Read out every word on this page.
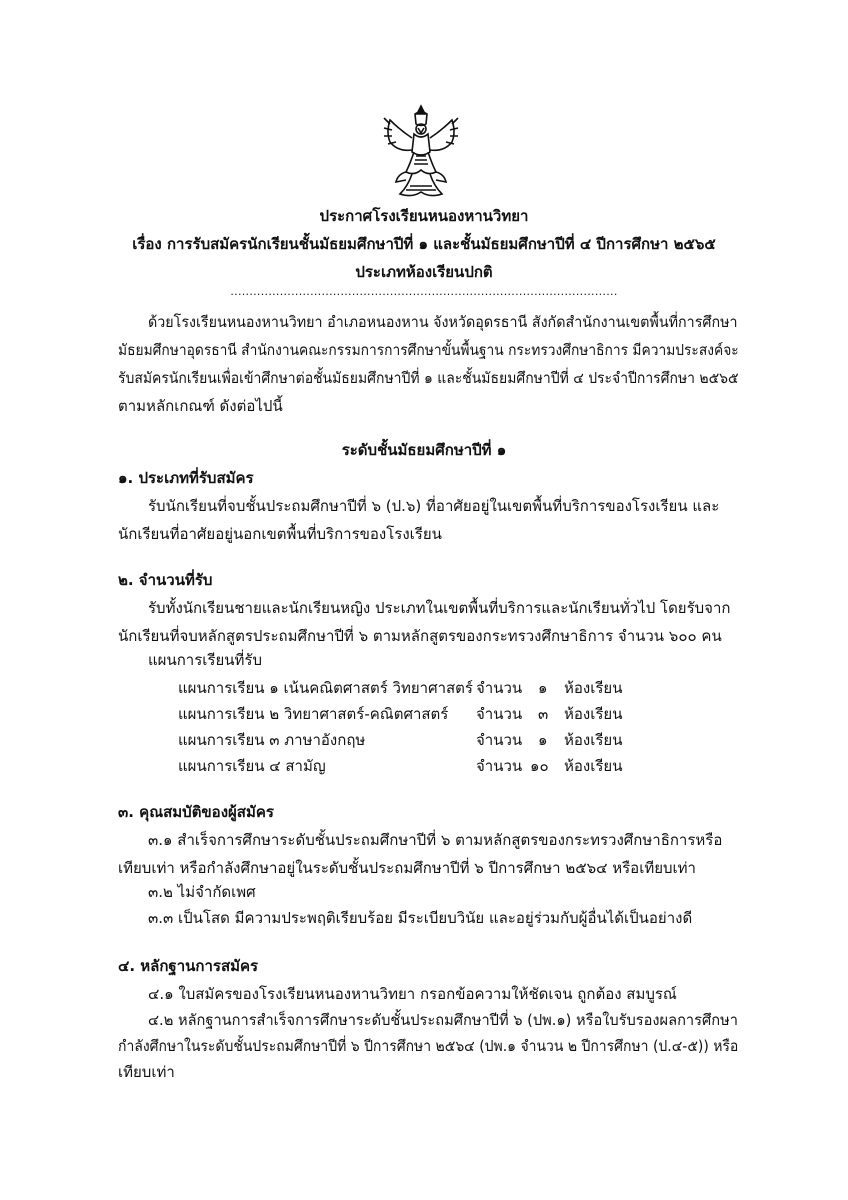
ประกาศโรงเรียนหนองหานวิทยา
เรื่อง การรับสมัครนักเรียนชั้นมัธยมศึกษาปีที่ ๑ และชั้นมัธยมศึกษาปีที่ ๔ ปีการศึกษา ๒๕๖๕
ประเภทห้องเรียนปกติ
......................................................................................................
ด้วยโรงเรียนหนองหานวิทยา อำเภอหนองหาน จังหวัดอุดรธานี สังกัดสำนักงานเขตพื้นที่การศึกษา
มัธยมศึกษาอุดรธานี สำนักงานคณะกรรมการการศึกษาขั้นพื้นฐาน กระทรวงศึกษาธิการ มีความประสงค์จะ
รับสมัครนักเรียนเพื่อเข้าศึกษาต่อชั้นมัธยมศึกษาปีที่ ๑ และชั้นมัธยมศึกษาปีที่ ๔ ประจำปีการศึกษา ๒๕๖๕
ตามหลักเกณฑ์ ดังต่อไปนี้
ระดับชั้นมัธยมศึกษาปีที่ ๑
๑. ประเภทที่รับสมัคร
รับนักเรียนที่จบชั้นประถมศึกษาปีที่ ๖ (ป.๖) ที่อาศัยอยู่ในเขตพื้นที่บริการของโรงเรียน และ
นักเรียนที่อาศัยอยู่นอกเขตพื้นที่บริการของโรงเรียน
๒. จำนวนที่รับ
รับทั้งนักเรียนชายและนักเรียนหญิง ประเภทในเขตพื้นที่บริการและนักเรียนทั่วไป โดยรับจาก
นักเรียนที่จบหลักสูตรประถมศึกษาปีที่ ๖ ตามหลักสูตรของกระทรวงศึกษาธิการ จำนวน ๖๐๐ คน
แผนการเรียนที่รับ
แผนการเรียน ๑ เน้นคณิตศาสตร์ วิทยาศาสตร์ จำนวน ๑ ห้องเรียน
แผนการเรียน ๒ วิทยาศาสตร์-คณิตศาสตร์ จำนวน ๓ ห้องเรียน
แผนการเรียน ๓ ภาษาอังกฤษ	จำนวน ๑ ห้องเรียน
แผนการเรียน ๔ สามัญ	จำนวน ๑๐ ห้องเรียน
๓. คุณสมบัติของผู้สมัคร
๓.๑ สำเร็จการศึกษาระดับชั้นประถมศึกษาปีที่ ๖ ตามหลักสูตรของกระทรวงศึกษาธิการหรือ
เทียบเท่า หรือกำลังศึกษาอยู่ในระดับชั้นประถมศึกษาปีที่ ๖ ปีการศึกษา ๒๕๖๔ หรือเทียบเท่า
๓.๒ ไม่จำกัดเพศ
๓.๓ เป็นโสด มีความประพฤติเรียบร้อย มีระเบียบวินัย และอยู่ร่วมกับผู้อื่นได้เป็นอย่างดี
๔. หลักฐานการสมัคร
๔.๑ ใบสมัครของโรงเรียนหนองหานวิทยา กรอกข้อความให้ชัดเจน ถูกต้อง สมบูรณ์
๔.๒ หลักฐานการสำเร็จการศึกษาระดับชั้นประถมศึกษาปีที่ ๖ (ปพ.๑) หรือใบรับรองผลการศึกษา
กำลังศึกษาในระดับชั้นประถมศึกษาปีที่ ๖ ปีการศึกษา ๒๕๖๔ (ปพ.๑ จำนวน ๒ ปีการศึกษา (ป.๔-๕)) หรือ
เทียบเท่า
